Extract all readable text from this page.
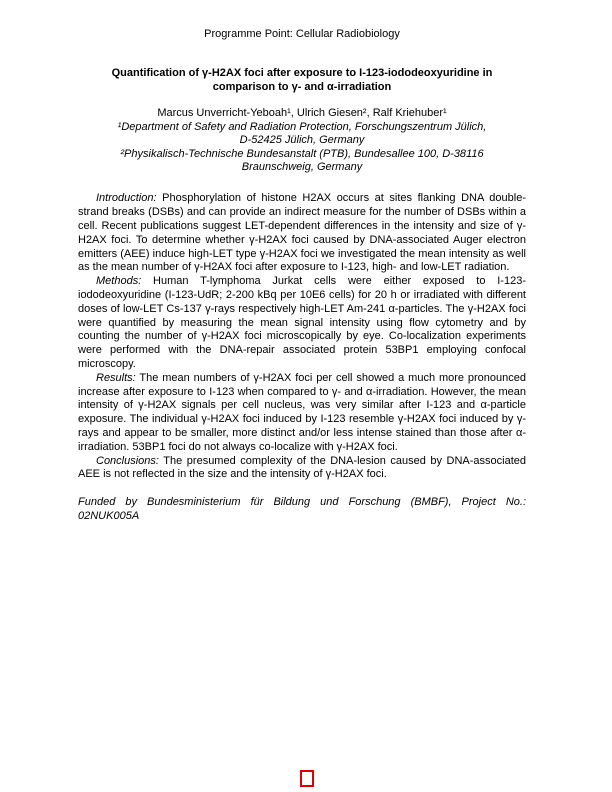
Programme Point: Cellular Radiobiology
Quantification of γ-H2AX foci after exposure to I-123-iododeoxyuridine in
comparison to γ- and α-irradiation
Marcus Unverricht-Yeboah¹, Ulrich Giesen², Ralf Kriehuber¹
¹Department of Safety and Radiation Protection, Forschungszentrum Jülich,
D-52425 Jülich, Germany
²Physikalisch-Technische Bundesanstalt (PTB), Bundesallee 100, D-38116
Braunschweig, Germany

Introduction: Phosphorylation of histone H2AX occurs at sites flanking DNA double-strand breaks (DSBs) and can provide an indirect measure for the number of DSBs within a cell. Recent publications suggest LET-dependent differences in the intensity and size of γ-H2AX foci. To determine whether γ-H2AX foci caused by DNA-associated Auger electron emitters (AEE) induce high-LET type γ-H2AX foci we investigated the mean intensity as well as the mean number of γ-H2AX foci after exposure to I-123, high- and low-LET radiation.

Methods: Human T-lymphoma Jurkat cells were either exposed to I-123-iododeoxyuridine (I-123-UdR; 2-200 kBq per 10E6 cells) for 20 h or irradiated with different doses of low-LET Cs-137 γ-rays respectively high-LET Am-241 α-particles. The γ-H2AX foci were quantified by measuring the mean signal intensity using flow cytometry and by counting the number of γ-H2AX foci microscopically by eye. Co-localization experiments were performed with the DNA-repair associated protein 53BP1 employing confocal microscopy.

Results: The mean numbers of γ-H2AX foci per cell showed a much more pronounced increase after exposure to I-123 when compared to γ- and α-irradiation. However, the mean intensity of γ-H2AX signals per cell nucleus, was very similar after I-123 and α-particle exposure. The individual γ-H2AX foci induced by I-123 resemble γ-H2AX foci induced by γ-rays and appear to be smaller, more distinct and/or less intense stained than those after α-irradiation. 53BP1 foci do not always co-localize with γ-H2AX foci.

Conclusions: The presumed complexity of the DNA-lesion caused by DNA-associated AEE is not reflected in the size and the intensity of γ-H2AX foci.

Funded by Bundesministerium für Bildung und Forschung (BMBF), Project No.:
02NUK005A
